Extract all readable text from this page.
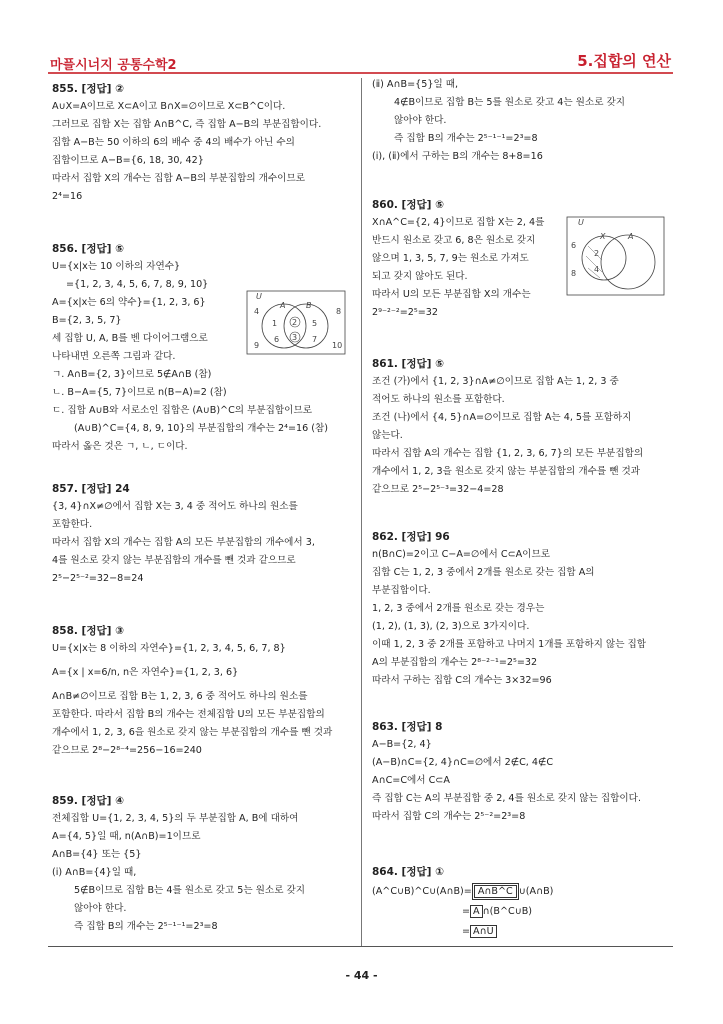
마플시너지 공통수학2	5.집합의 연산
- 44 -

855. [정답] ②

A∪X=A이므로 X⊂A이고 B∩X=∅이므로 X⊂B^C이다.

그러므로 집합 X는 집합 A∩B^C, 즉 집합 A−B의 부분집합이다.

집합 A−B는 50 이하의 6의 배수 중 4의 배수가 아닌 수의

집합이므로 A−B={6, 18, 30, 42}

따라서 집합 X의 개수는 집합 A−B의 부분집합의 개수이므로

2⁴=16

856. [정답] ⑤

U={x|x는 10 이하의 자연수}

={1, 2, 3, 4, 5, 6, 7, 8, 9, 10}

A={x|x는 6의 약수}={1, 2, 3, 6}

B={2, 3, 5, 7}

세 집합 U, A, B를 벤 다이어그램으로

나타내면 오른쪽 그림과 같다.

ㄱ. A∩B={2, 3}이므로 5∉A∩B (참)

ㄴ. B−A={5, 7}이므로 n(B−A)=2 (참)

ㄷ. 집합 A∪B와 서로소인 집합은 (A∪B)^C의 부분집합이므로

(A∪B)^C={4, 8, 9, 10}의 부분집합의 개수는 2⁴=16 (참)

따라서 옳은 것은 ㄱ, ㄴ, ㄷ이다.

U
A	B
4
1 2 5
8
6 3 7
9	10

857. [정답] 24

{3, 4}∩X≠∅에서 집합 X는 3, 4 중 적어도 하나의 원소를

포함한다.

따라서 집합 X의 개수는 집합 A의 모든 부분집합의 개수에서 3,

4를 원소로 갖지 않는 부분집합의 개수를 뺀 것과 같으므로

2⁵−2⁵⁻²=32−8=24

858. [정답] ③

U={x|x는 8 이하의 자연수}={1, 2, 3, 4, 5, 6, 7, 8}

A={x | x=6/n, n은 자연수}={1, 2, 3, 6}

A∩B≠∅이므로 집합 B는 1, 2, 3, 6 중 적어도 하나의 원소를

포함한다. 따라서 집합 B의 개수는 전체집합 U의 모든 부분집합의

개수에서 1, 2, 3, 6을 원소로 갖지 않는 부분집합의 개수를 뺀 것과

같으므로 2⁸−2⁸⁻⁴=256−16=240

859. [정답] ④

전체집합 U={1, 2, 3, 4, 5}의 두 부분집합 A, B에 대하여

A={4, 5}일 때, n(A∩B)=1이므로

A∩B={4} 또는 {5}

(ⅰ) A∩B={4}일 때,

5∉B이므로 집합 B는 4를 원소로 갖고 5는 원소로 갖지

않아야 한다.

즉 집합 B의 개수는 2⁵⁻¹⁻¹=2³=8

(ⅱ) A∩B={5}일 때,

4∉B이므로 집합 B는 5를 원소로 갖고 4는 원소로 갖지

않아야 한다.

즉 집합 B의 개수는 2⁵⁻¹⁻¹=2³=8

(ⅰ), (ⅱ)에서 구하는 B의 개수는 8+8=16

860. [정답] ⑤

X∩A^C={2, 4}이므로 집합 X는 2, 4를

반드시 원소로 갖고 6, 8은 원소로 갖지

않으며 1, 3, 5, 7, 9는 원소로 가져도

되고 갖지 않아도 된다.

따라서 U의 모든 부분집합 X의 개수는

2⁹⁻²⁻²=2⁵=32

U
X	A
6
2
4
8

861. [정답] ⑤

조건 (가)에서 {1, 2, 3}∩A≠∅이므로 집합 A는 1, 2, 3 중

적어도 하나의 원소를 포함한다.

조건 (나)에서 {4, 5}∩A=∅이므로 집합 A는 4, 5를 포함하지

않는다.

따라서 집합 A의 개수는 집합 {1, 2, 3, 6, 7}의 모든 부분집합의

개수에서 1, 2, 3을 원소로 갖지 않는 부분집합의 개수를 뺀 것과

같으므로 2⁵−2⁵⁻³=32−4=28

862. [정답] 96

n(B∩C)=2이고 C−A=∅에서 C⊂A이므로

집합 C는 1, 2, 3 중에서 2개를 원소로 갖는 집합 A의

부분집합이다.

1, 2, 3 중에서 2개를 원소로 갖는 경우는

(1, 2), (1, 3), (2, 3)으로 3가지이다.

이때 1, 2, 3 중 2개를 포함하고 나머지 1개를 포함하지 않는 집합

A의 부분집합의 개수는 2⁸⁻²⁻¹=2⁵=32

따라서 구하는 집합 C의 개수는 3×32=96

863. [정답] 8

A−B={2, 4}

(A−B)∩C={2, 4}∩C=∅에서 2∉C, 4∉C

A∩C=C에서 C⊂A

즉 집합 C는 A의 부분집합 중 2, 4를 원소로 갖지 않는 집합이다.

따라서 집합 C의 개수는 2⁵⁻²=2³=8

864. [정답] ①

(A^C∪B)^C∪(A∩B)= A∩B^C ∪(A∩B)

= A ∩(B^C∪B)

= A∩U
